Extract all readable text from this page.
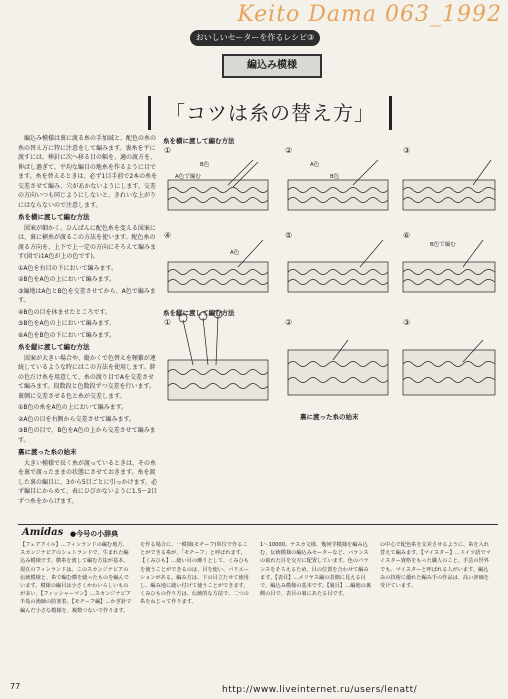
Keito Dama 063_1992
おいしいセーターを作るレシピ③
編込み模様
「コツは糸の替え方」

編込み模様は裏に渡る糸の手加減と、配色の糸の糸の替え方に特に注意をして編みます。裏糸を平に渡すには、棒針に次へ移る目の幅を、適の渡方を、伸ばし過ぎて、平均な編目の地糸を作るように目でます。糸を替えるときは、必ず1目手前で2本の糸を交差させて編み、穴があかないようにします。交差の方向いつも同じようにしないと、きれいな上がりにはならないので注意します。

糸を横に渡して編む方法

図案が細かく、ひんぱんに配色糸を変える図案には、裏に横糸が渡るこの方法を使います。配色糸の渡る方向を、上下で上一定の方向にそろえて編みます(図ではA色が上の色です)。

①A色を右目の下において編みます。

②B色をA色の上において編みます。

③編地はA色とB色を交差させてから、A色で編みます。

④B色の目を休ませたところです。

⑤B色をA色の上において編みます。

⑥A色をB色の下において編みます。

糸を縦に渡して編む方法

図案が大きい場合や、縦かくで色替えを頻繁が連続しているような時にはこの方法を使用します。幹の色だけ糸を用意して、糸の渡り目でAを交差させて編みます。段数段と色数段ずつ交差を行います。裏側に交差させる色と糸が交差します。

①B色の糸をA色の上において編みます。

②A色の目を右側から交差させて編みます。

③B色の目で、B色をA色の上から交差させて編みます。

裏に渡った糸の始末

大きい模様で長く糸が渡っているときは、その糸を裏で渡ったままの状態にさせておきます。糸を渡した裏の編目に、3から5目ごとに引っかけます。必ず編目にからめて、表にひびかないように1.5〜2目ずつ糸をからげます。

糸を横に渡して編む方法
糸を縦に渡して編む方法
裏に渡った糸の始末
①	②	③
④	⑤	⑥
①	②	③
B色
A色で編む
A色
B色
A色
B色で編む
Amidas ●今号の小辞典

【フェアアイル】…フィンランドの編む地方、スカンジナビアのシェトランドで、生まれた編込み模様です。横糸を渡して編む方法が基本。現在のフィンランドは、このスカンジナビアの伝統模様と、糸で編む横を縫ったものを編んでいます。模様の編目は小さくかわいらしいものが多い。【フィッシャーマン】…スカンジナビア半島の漁師の防寒着。【モチーフ編】…かぎ針で編んだ小さな模様を、複数つないで作ります。

を作る場合に、一模様(モチーフ)単位で作ることができる糸が、「モチーフ」と呼ばれます。【くみひも】…縫い目の飾りとして、くみひもを使うことができるのは、目を使い、バリエーションがある。編み方は、下の目立たせて使用し、編み地に縫い付けて使うことができます。くみひもの作り方は、伝統的な方法で、二つの糸をねじって作ります。

1〜10000。ナスカ文様、幾何学模様を編み込む、伝統模様の編込みセーターなど、バランスの取れた目を交互に配置しています。色のバランスをそろえるため、目の位置を合わせて編みます。【表目】…メリヤス編の表側に見える目で、編込み模様の基本です。【裏目】…編地の裏側の目で、表目の裏にあたる目です。

の中心で配色糸を交差させるように、糸を入れ替えて編みます。【マイスター】…ドイツ語でマイスター資格をもった職人のこと。手芸の世界でも、マイスターと呼ばれる人がいます。編込みの技術に優れた編み手の作品は、高い評価を受けています。

77	http://www.liveinternet.ru/users/lenatt/
